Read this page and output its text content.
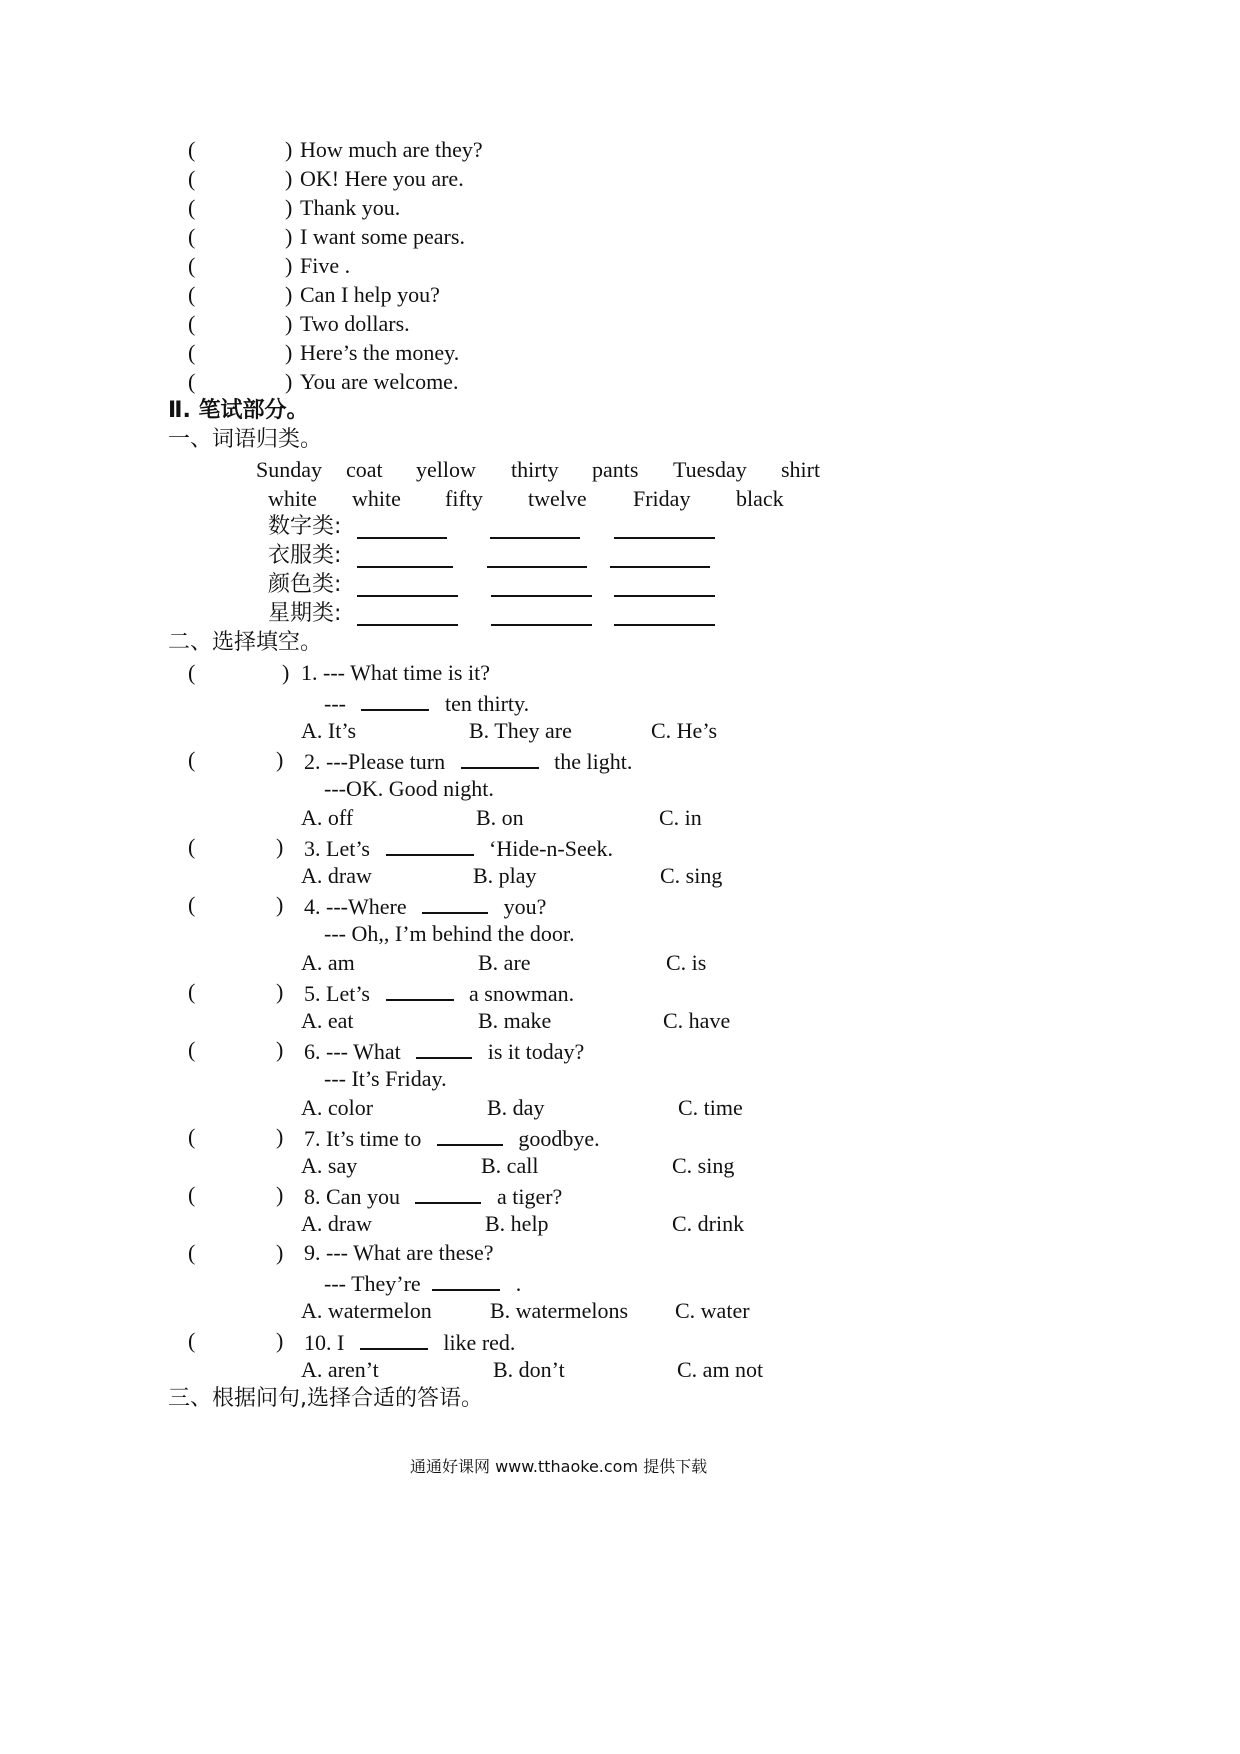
(	) How much are they?
(	) OK! Here you are.
(	) Thank you.
(	) I want some pears.
(	) Five .
(	) Can I help you?
(	) Two dollars.
(	) Here’s the money.
(	) You are welcome.
Ⅱ. 笔试部分。
一、词语归类。
Sunday coat yellow thirty pants Tuesday shirt
white white fifty twelve Friday black
数字类:
衣服类:
颜色类:
星期类:
二、选择填空。
(	) 1. --- What time is it?
---	ten thirty.
A. It’s	B. They are	C. He’s
(	) 2. ---Please turn	the light.
---OK. Good night.
A. off	B. on	C. in
(	) 3. Let’s	‘Hide-n-Seek.
A. draw	B. play	C. sing
(	) 4. ---Where	you?
--- Oh,, I’m behind the door.
A. am	B. are	C. is
(	) 5. Let’s	a snowman.
A. eat	B. make	C. have
(	) 6. --- What	is it today?
--- It’s Friday.
A. color	B. day	C. time
(	) 7. It’s time to	goodbye.
A. say	B. call	C. sing
(	) 8. Can you	a tiger?
A. draw	B. help	C. drink
(	) 9. --- What are these?
--- They’re	.
A. watermelon	B. watermelons C. water
(	) 10. I	like red.
A. aren’t	B. don’t	C. am not
三、根据问句,选择合适的答语。
通通好课网 www.tthaoke.com 提供下载
